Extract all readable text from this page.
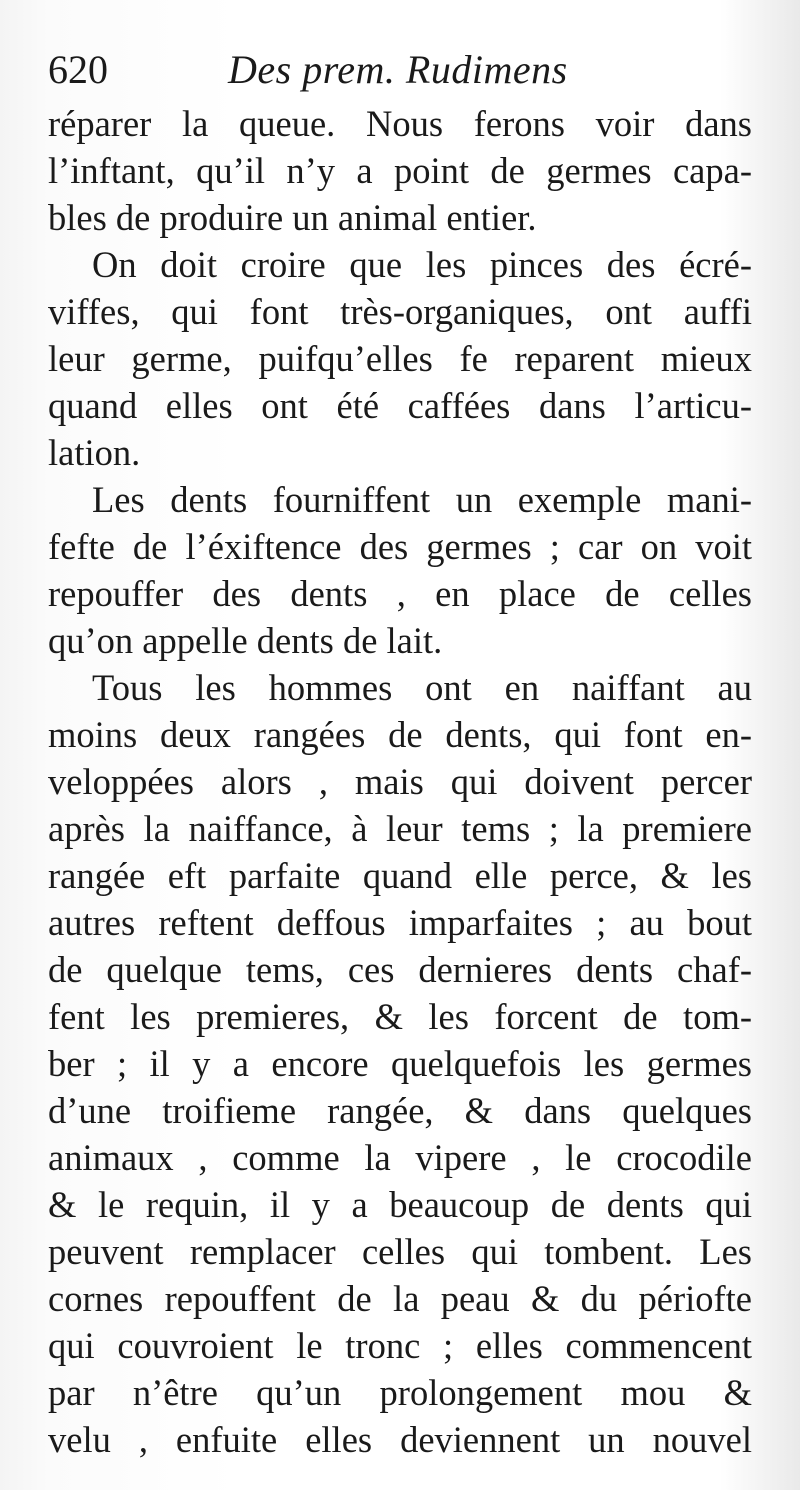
620	Des prem. Rudimens
réparer la queue. Nous ferons voir dans
l’inftant, qu’il n’y a point de germes capa-
bles de produire un animal entier.
On doit croire que les pinces des écré-
viffes, qui font très-organiques, ont auffi
leur germe, puifqu’elles fe reparent mieux
quand elles ont été caffées dans l’articu-
lation.
Les dents fourniffent un exemple mani-
fefte de l’éxiftence des germes ; car on voit
repouffer des dents , en place de celles
qu’on appelle dents de lait.
Tous les hommes ont en naiffant au
moins deux rangées de dents, qui font en-
veloppées alors , mais qui doivent percer
après la naiffance, à leur tems ; la premiere
rangée eft parfaite quand elle perce, & les
autres reftent deffous imparfaites ; au bout
de quelque tems, ces dernieres dents chaf-
fent les premieres, & les forcent de tom-
ber ; il y a encore quelquefois les germes
d’une troifieme rangée, & dans quelques
animaux , comme la vipere , le crocodile
& le requin, il y a beaucoup de dents qui
peuvent remplacer celles qui tombent. Les
cornes repouffent de la peau & du périofte
qui couvroient le tronc ; elles commencent
par n’être qu’un prolongement mou &
velu , enfuite elles deviennent un nouvel
